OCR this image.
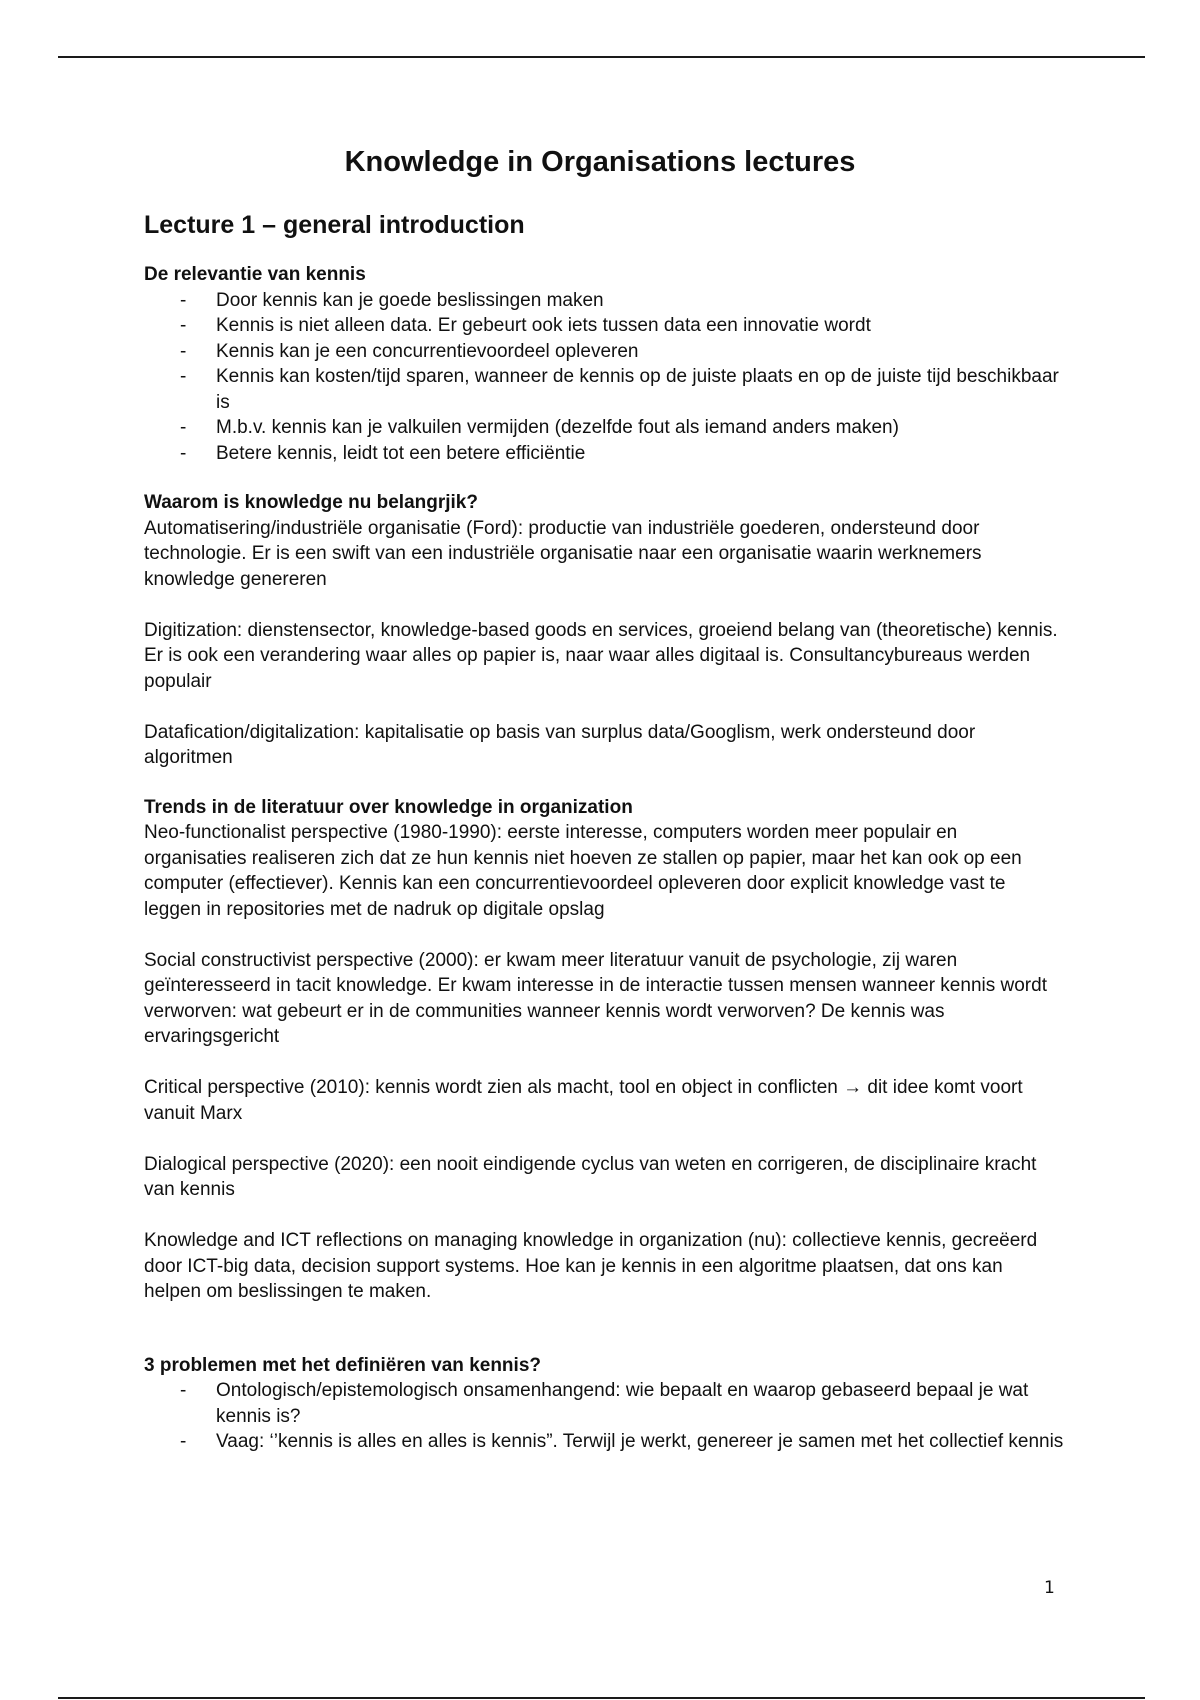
Knowledge in Organisations lectures
Lecture 1 – general introduction
De relevantie van kennis
- Door kennis kan je goede beslissingen maken
- Kennis is niet alleen data. Er gebeurt ook iets tussen data een innovatie wordt
- Kennis kan je een concurrentievoordeel opleveren
- Kennis kan kosten/tijd sparen, wanneer de kennis op de juiste plaats en op de juiste tijd beschikbaar is
- M.b.v. kennis kan je valkuilen vermijden (dezelfde fout als iemand anders maken)
- Betere kennis, leidt tot een betere efficiëntie
Waarom is knowledge nu belangrjik?

Automatisering/industriële organisatie (Ford): productie van industriële goederen, ondersteund door technologie. Er is een swift van een industriële organisatie naar een organisatie waarin werknemers knowledge genereren

Digitization: dienstensector, knowledge-based goods en services, groeiend belang van (theoretische) kennis. Er is ook een verandering waar alles op papier is, naar waar alles digitaal is. Consultancybureaus werden populair

Datafication/digitalization: kapitalisatie op basis van surplus data/Googlism, werk ondersteund door algoritmen

Trends in de literatuur over knowledge in organization

Neo-functionalist perspective (1980-1990): eerste interesse, computers worden meer populair en organisaties realiseren zich dat ze hun kennis niet hoeven ze stallen op papier, maar het kan ook op een computer (effectiever). Kennis kan een concurrentievoordeel opleveren door explicit knowledge vast te leggen in repositories met de nadruk op digitale opslag

Social constructivist perspective (2000): er kwam meer literatuur vanuit de psychologie, zij waren geïnteresseerd in tacit knowledge. Er kwam interesse in de interactie tussen mensen wanneer kennis wordt verworven: wat gebeurt er in de communities wanneer kennis wordt verworven? De kennis was ervaringsgericht

Critical perspective (2010): kennis wordt zien als macht, tool en object in conflicten → dit idee komt voort vanuit Marx

Dialogical perspective (2020): een nooit eindigende cyclus van weten en corrigeren, de disciplinaire kracht van kennis

Knowledge and ICT reflections on managing knowledge in organization (nu): collectieve kennis, gecreëerd door ICT-big data, decision support systems. Hoe kan je kennis in een algoritme plaatsen, dat ons kan helpen om beslissingen te maken.

3 problemen met het definiëren van kennis?
- Ontologisch/epistemologisch onsamenhangend: wie bepaalt en waarop gebaseerd bepaal je wat kennis is?
- Vaag: ‘’kennis is alles en alles is kennis”. Terwijl je werkt, genereer je samen met het collectief kennis
1
